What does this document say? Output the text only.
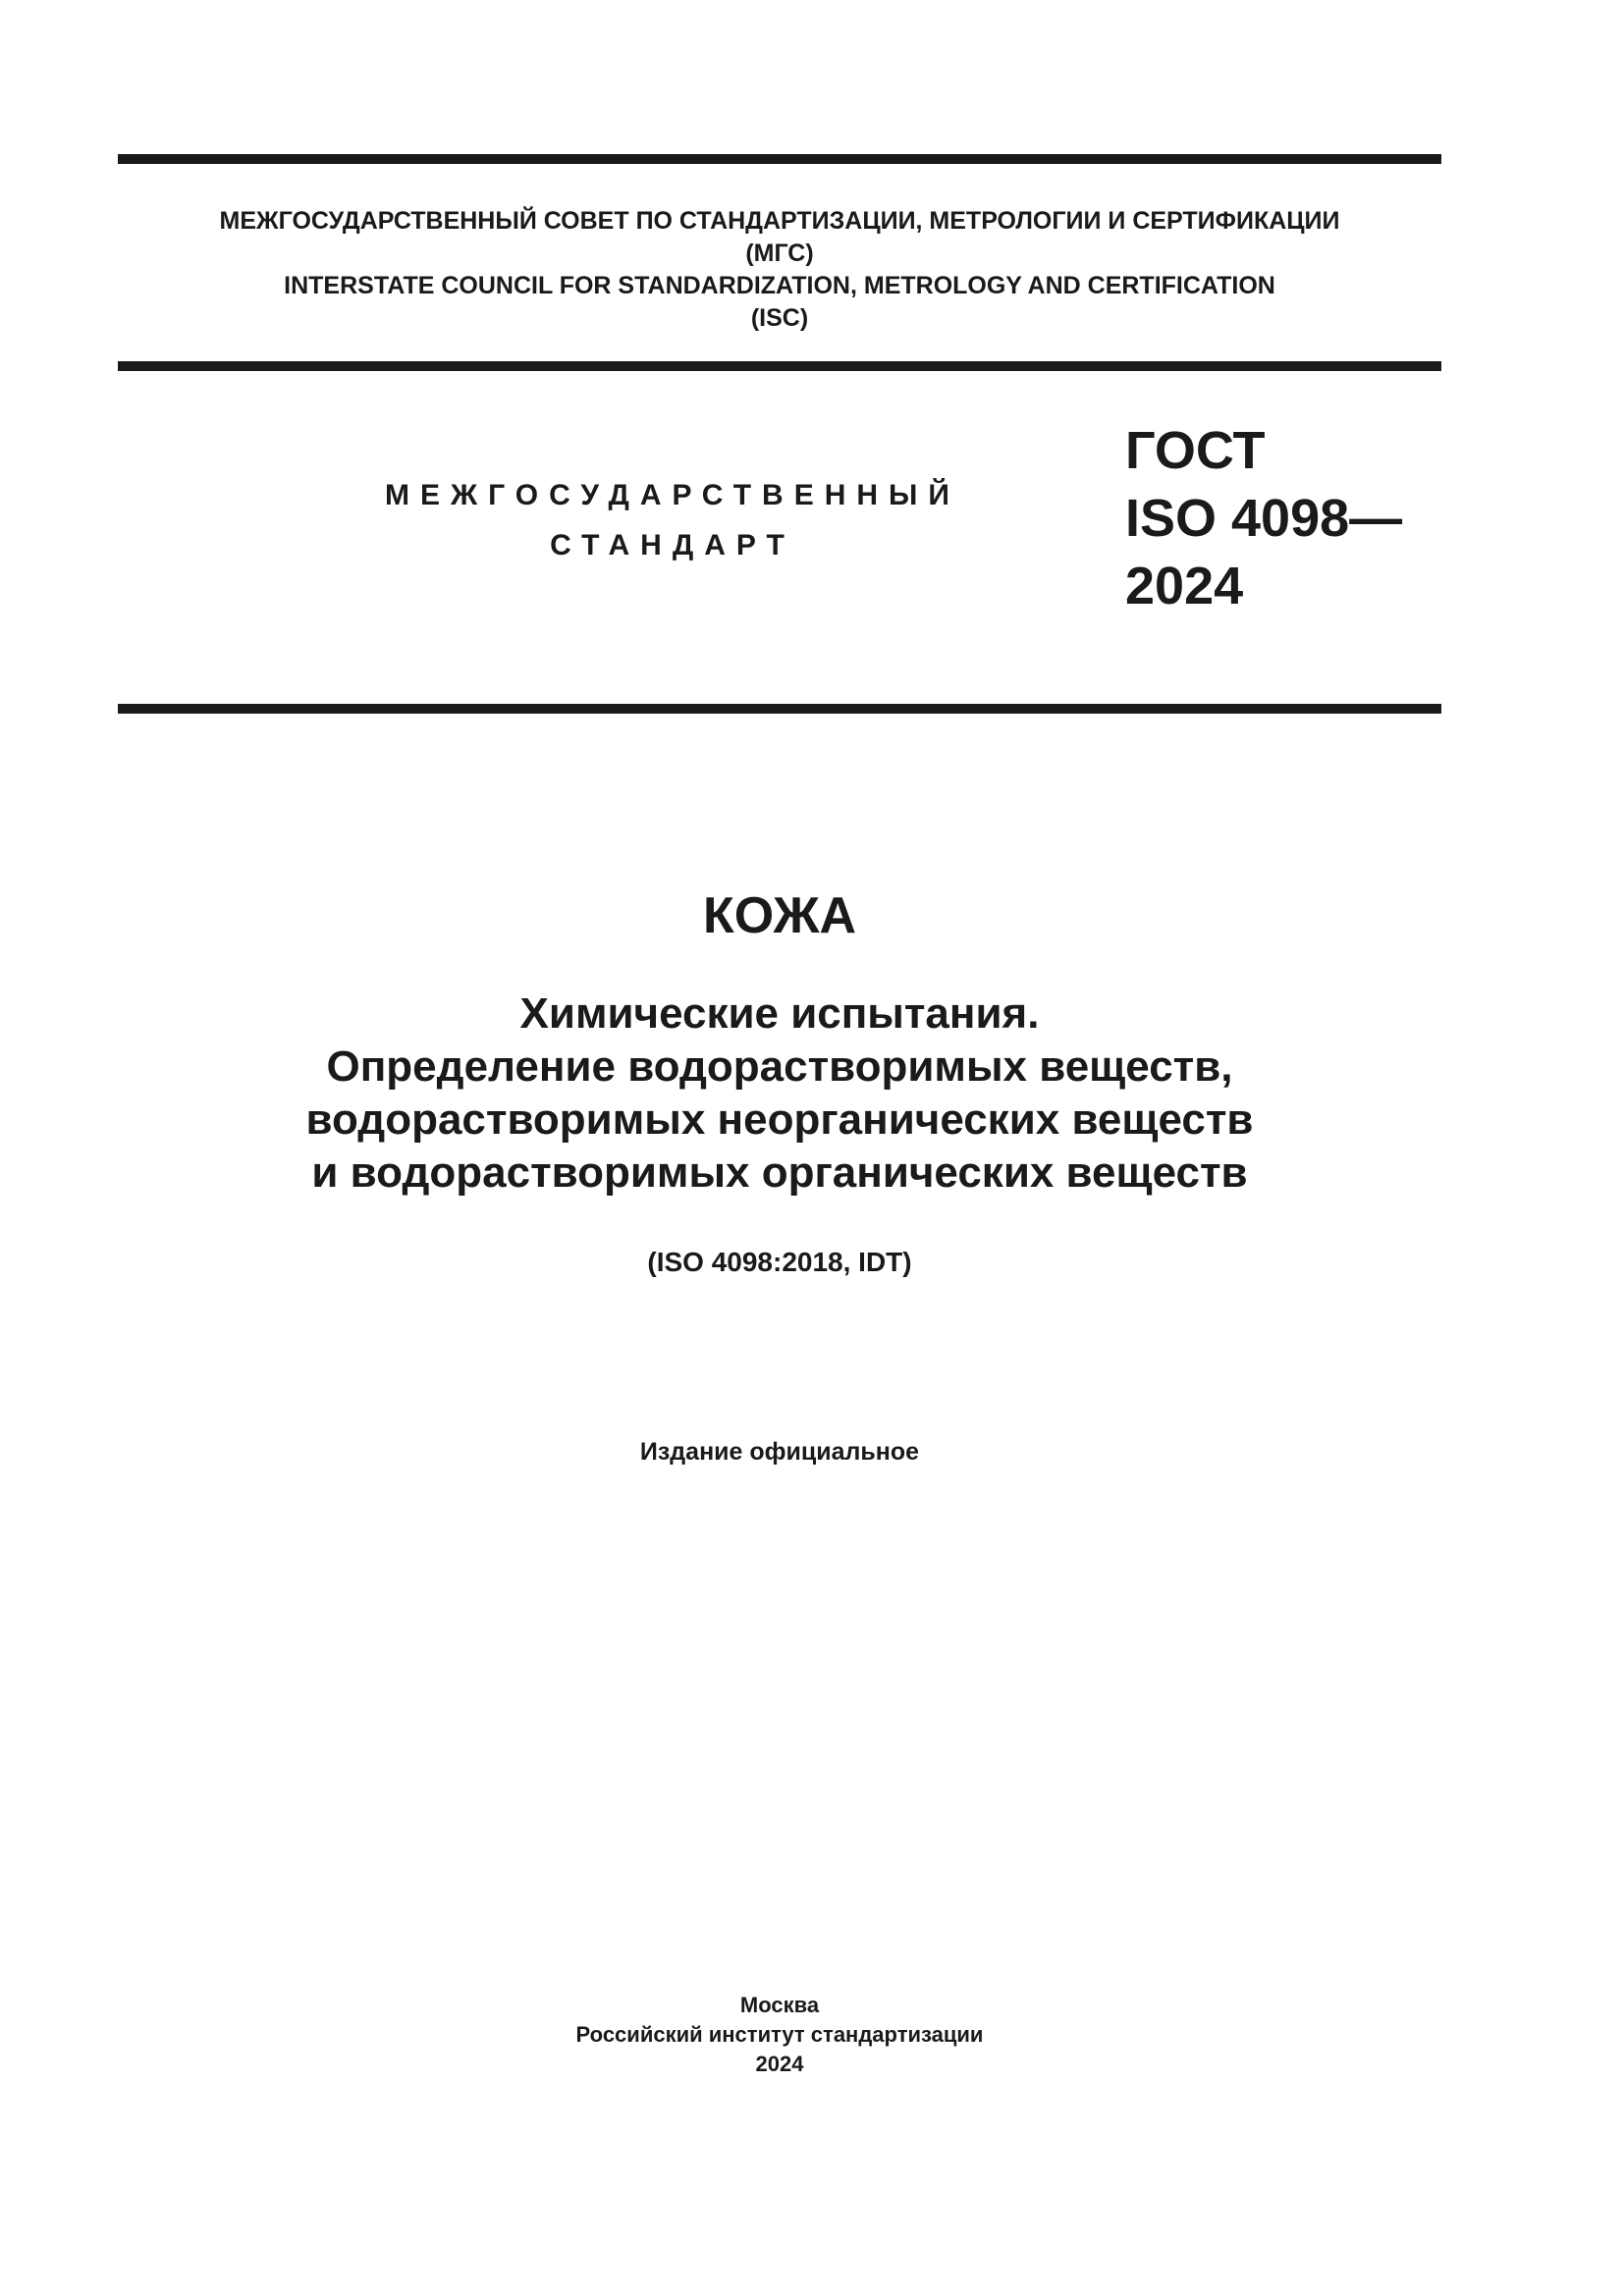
МЕЖГОСУДАРСТВЕННЫЙ СОВЕТ ПО СТАНДАРТИЗАЦИИ, МЕТРОЛОГИИ И СЕРТИФИКАЦИИ
(МГС)
INTERSTATE COUNCIL FOR STANDARDIZATION, METROLOGY AND CERTIFICATION
(ISC)
МЕЖГОСУДАРСТВЕННЫЙ
СТАНДАРТ
ГОСТ
ISO 4098—
2024
КОЖА
Химические испытания.
Определение водорастворимых веществ,
водорастворимых неорганических веществ
и водорастворимых органических веществ
(ISO 4098:2018, IDT)
Издание официальное
Москва
Российский институт стандартизации
2024
